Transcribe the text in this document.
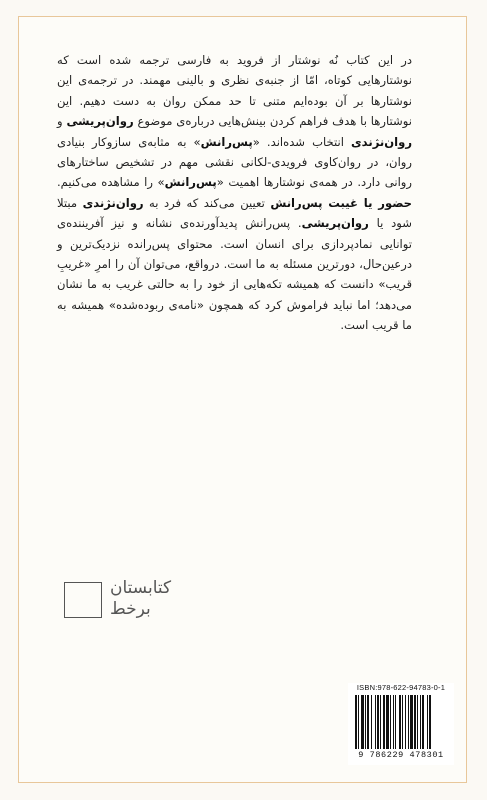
در این کتاب نُه نوشتار از فروید به فارسی ترجمه شده است که نوشتارهایی کوتاه، امّا از جنبه‌ی نظری و بالینی مهمند. در ترجمه‌ی این نوشتارها بر آن بوده‌ایم متنی تا حد ممکن روان به دست دهیم. این نوشتارها با هدف فراهم کردن بینش‌هایی درباره‌ی موضوع روان‌پریشی و روان‌نژندی انتخاب شده‌اند. «پس‌رانش» به مثابه‌ی سازوکار بنیادی روان، در روان‌کاوی فرویدی-لکانی نقشی مهم در تشخیص ساختارهای روانی دارد. در همه‌ی نوشتارها اهمیت «پس‌رانش» را مشاهده می‌کنیم. حضور یا غیبت پس‌رانش تعیین می‌کند که فرد به روان‌نژندی مبتلا شود یا روان‌پریشی. پس‌رانش پدیدآورنده‌ی نشانه و نیز آفریننده‌ی توانایی نمادپردازی برای انسان است. محتوای پس‌رانده نزدیک‌ترین و درعین‌حال، دورترین مسئله به ما است. درواقع، می‌توان آن را امرِ «غریبِ قریب» دانست که همیشه تکه‌هایی از خود را به حالتی غریب به ما نشان می‌دهد؛ اما نباید فراموش کرد که همچون «نامه‌ی ربوده‌شده» همیشه به ما قریب است.
کتابستان
برخط
ISBN:978-622-94783-0-1
9 786229 478301
